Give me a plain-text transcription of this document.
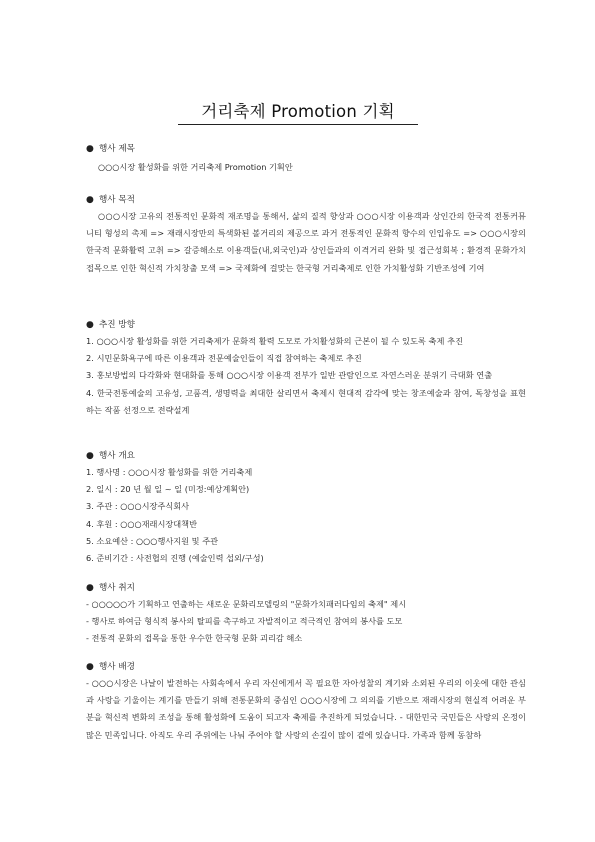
거리축제 Promotion 기획
● 행사 제목
○○○시장 활성화를 위한 거리축제 Promotion 기획안
● 행사 목적
○○○시장 고유의 전통적인 문화적 재조명을 통해서, 삶의 질적 향상과 ○○○시장 이용객과 상인간의 한국적 전통커뮤니티 형성의 촉제 => 재래시장만의 특색화된 볼거리의 제공으로 과거 전통적인 문화적 향수의 인입유도 => ○○○시장의 한국적 문화활력 고취 => 갈증해소로 이용객들(내,외국인)과 상인들과의 이격거리 완화 및 접근성회복 ; 환경적 문화가치 접목으로 인한 혁신적 가치창출 모색 => 국제화에 걸맞는 한국형 거리축제로 인한 가치활성화 기반조성에 기여
● 추진 방향
1. ○○○시장 활성화를 위한 거리축제가 문화적 활력 도모로 가치활성화의 근본이 될 수 있도록 축제 추진
2. 시민문화욕구에 따른 이용객과 전문예술인들이 직접 참여하는 축제로 추진
3. 홍보방법의 다각화와 현대화를 통해 ○○○시장 이용객 전부가 일반 관람인으로 자연스러운 분위기 극대화 연출
4. 한국전통예술의 고유성, 고품격, 생명력을 최대한 살리면서 축제시 현대적 감각에 맞는 창조예술과 참여, 독창성을 표현하는 작품 선정으로 전략설계
● 행사 개요
1. 행사명 : ○○○시장 활성화를 위한 거리축제
2. 일시 : 20 년 월 일 ~ 일 (미정:예상계획안)
3. 주관 : ○○○시장주식회사
4. 후원 : ○○○재래시장대책반
5. 소요예산 : ○○○행사지원 및 주관
6. 준비기간 : 사전협의 진행 (예술인력 섭외/구성)
● 행사 취지
- ○○○○○가 기획하고 연출하는 새로운 문화리모델링의 "문화가치패러다임의 축제" 제시
- 행사로 하여금 형식적 봉사의 탈피를 촉구하고 자발적이고 적극적인 참여의 봉사를 도모
- 전통적 문화의 접목을 통한 우수한 한국형 문화 괴리감 해소
● 행사 배경
- ○○○시장은 나날이 발전하는 사회속에서 우리 자신에게서 꼭 필요한 자아성찰의 계기와 소외된 우리의 이웃에 대한 관심과 사랑을 기울이는 계기를 만들기 위해 전통문화의 중심인 ○○○시장에 그 의의를 기반으로 재래시장의 현실적 어려운 부분을 혁신적 변화의 조성을 통해 활성화에 도움이 되고자 축제를 추진하게 되었습니다. - 대한민국 국민들은 사랑의 온정이 많은 민족입니다. 아직도 우리 주위에는 나눠 주어야 할 사랑의 손길이 많이 곁에 있습니다. 가족과 함께 동참하
